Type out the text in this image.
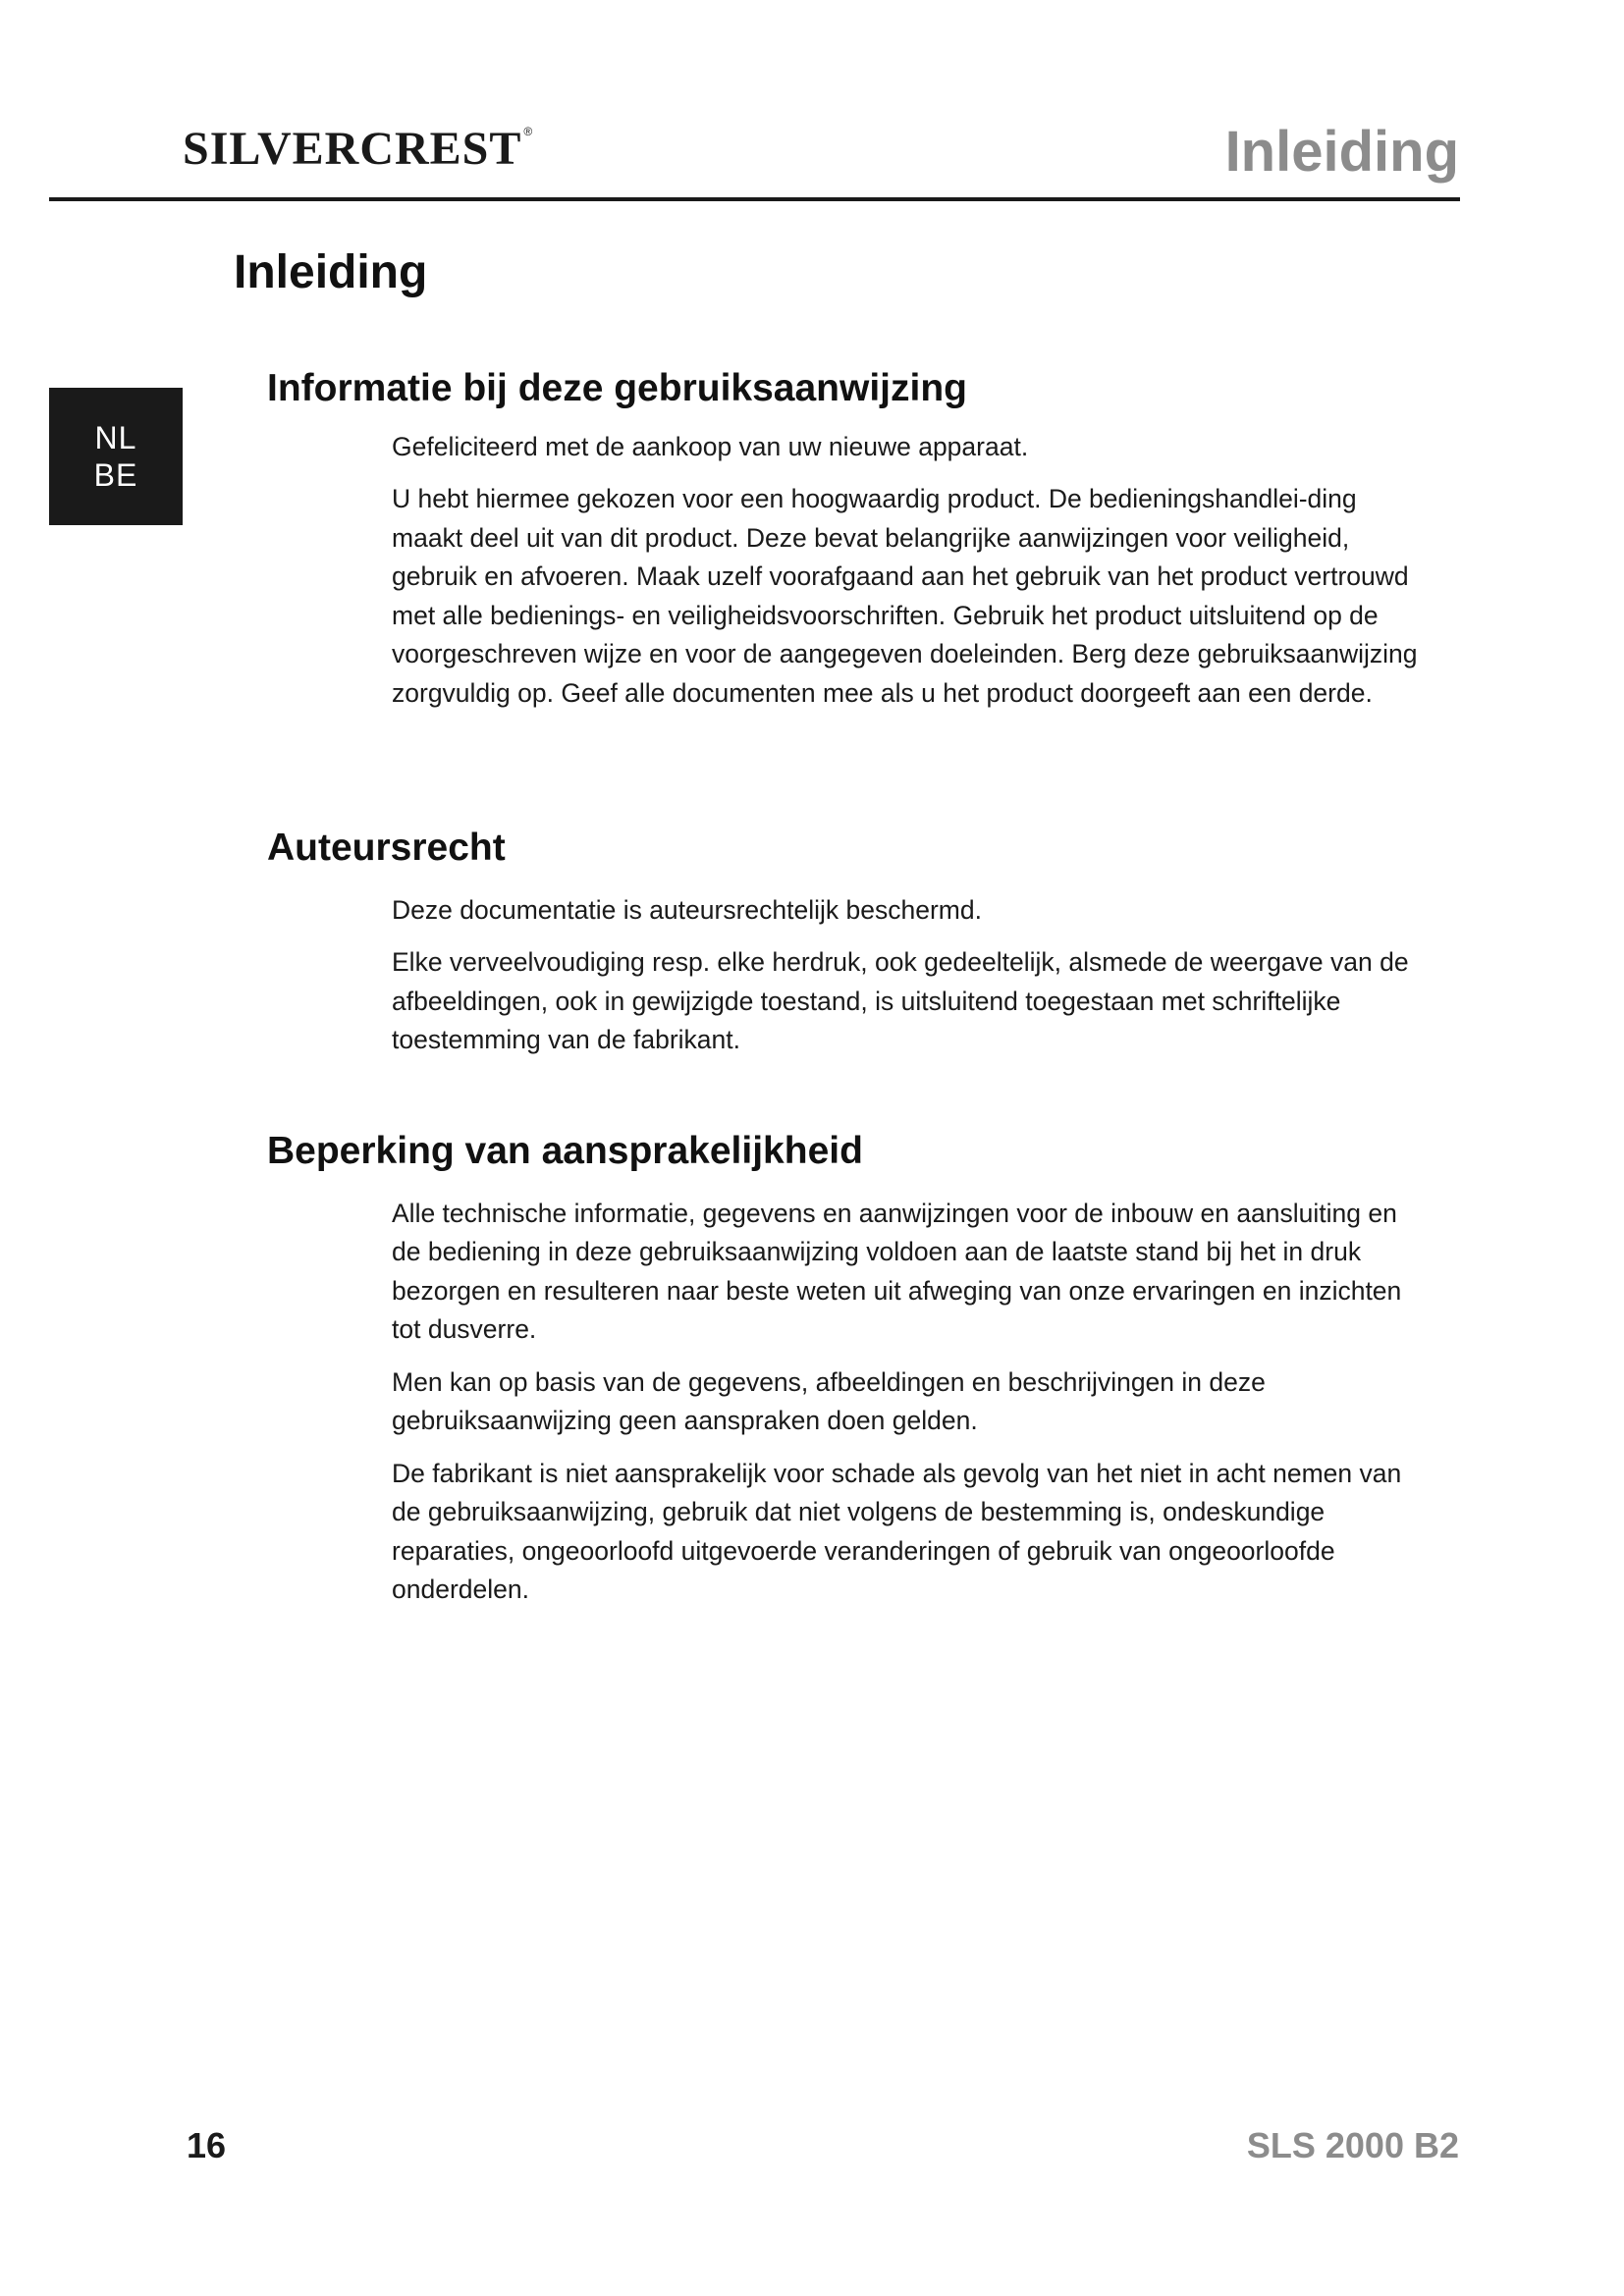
SILVERCREST ®	Inleiding
NL
BE
Inleiding
Informatie bij deze gebruiksaanwijzing

Gefeliciteerd met de aankoop van uw nieuwe apparaat.

U hebt hiermee gekozen voor een hoogwaardig product. De bedieningshandlei-ding maakt deel uit van dit product. Deze bevat belangrijke aanwijzingen voor veiligheid, gebruik en afvoeren. Maak uzelf voorafgaand aan het gebruik van het product vertrouwd met alle bedienings- en veiligheidsvoorschriften. Gebruik het product uitsluitend op de voorgeschreven wijze en voor de aangegeven doeleinden. Berg deze gebruiksaanwijzing zorgvuldig op. Geef alle documenten mee als u het product doorgeeft aan een derde.

Auteursrecht

Deze documentatie is auteursrechtelijk beschermd.

Elke verveelvoudiging resp. elke herdruk, ook gedeeltelijk, alsmede de weergave van de afbeeldingen, ook in gewijzigde toestand, is uitsluitend toegestaan met schriftelijke toestemming van de fabrikant.

Beperking van aansprakelijkheid

Alle technische informatie, gegevens en aanwijzingen voor de inbouw en aansluiting en de bediening in deze gebruiksaanwijzing voldoen aan de laatste stand bij het in druk bezorgen en resulteren naar beste weten uit afweging van onze ervaringen en inzichten tot dusverre.

Men kan op basis van de gegevens, afbeeldingen en beschrijvingen in deze gebruiksaanwijzing geen aanspraken doen gelden.

De fabrikant is niet aansprakelijk voor schade als gevolg van het niet in acht nemen van de gebruiksaanwijzing, gebruik dat niet volgens de bestemming is, ondeskundige reparaties, ongeoorloofd uitgevoerde veranderingen of gebruik van ongeoorloofde onderdelen.

16	SLS 2000 B2
